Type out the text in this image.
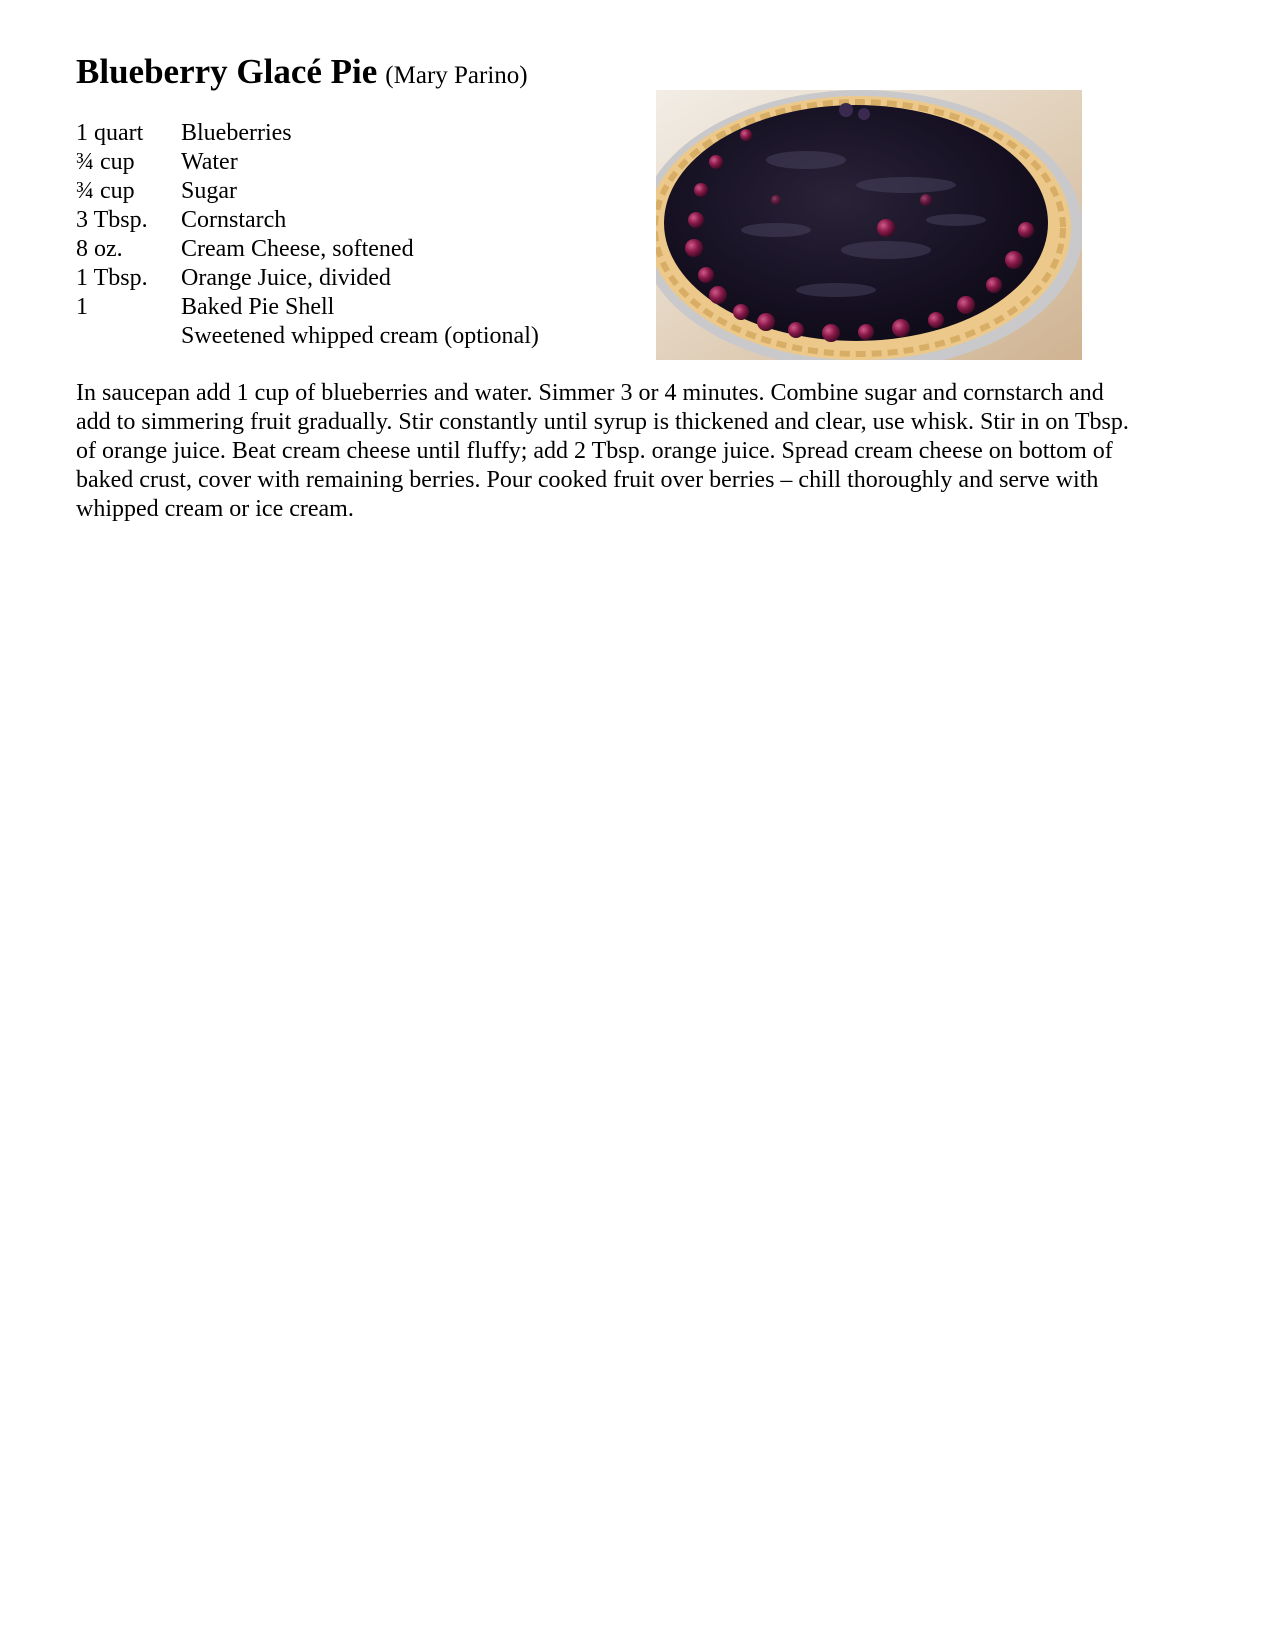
Blueberry Glacé Pie (Mary Parino)
1 quart	Blueberries
¾ cup	Water
¾ cup	Sugar
3 Tbsp.	Cornstarch
8 oz.	Cream Cheese, softened
1 Tbsp.	Orange Juice, divided
1	Baked Pie Shell
Sweetened whipped cream (optional)

In saucepan add 1 cup of blueberries and water. Simmer 3 or 4 minutes. Combine sugar and cornstarch and add to simmering fruit gradually. Stir constantly until syrup is thickened and clear, use whisk. Stir in on Tbsp. of orange juice. Beat cream cheese until fluffy; add 2 Tbsp. orange juice. Spread cream cheese on bottom of baked crust, cover with remaining berries. Pour cooked fruit over berries – chill thoroughly and serve with whipped cream or ice cream.
